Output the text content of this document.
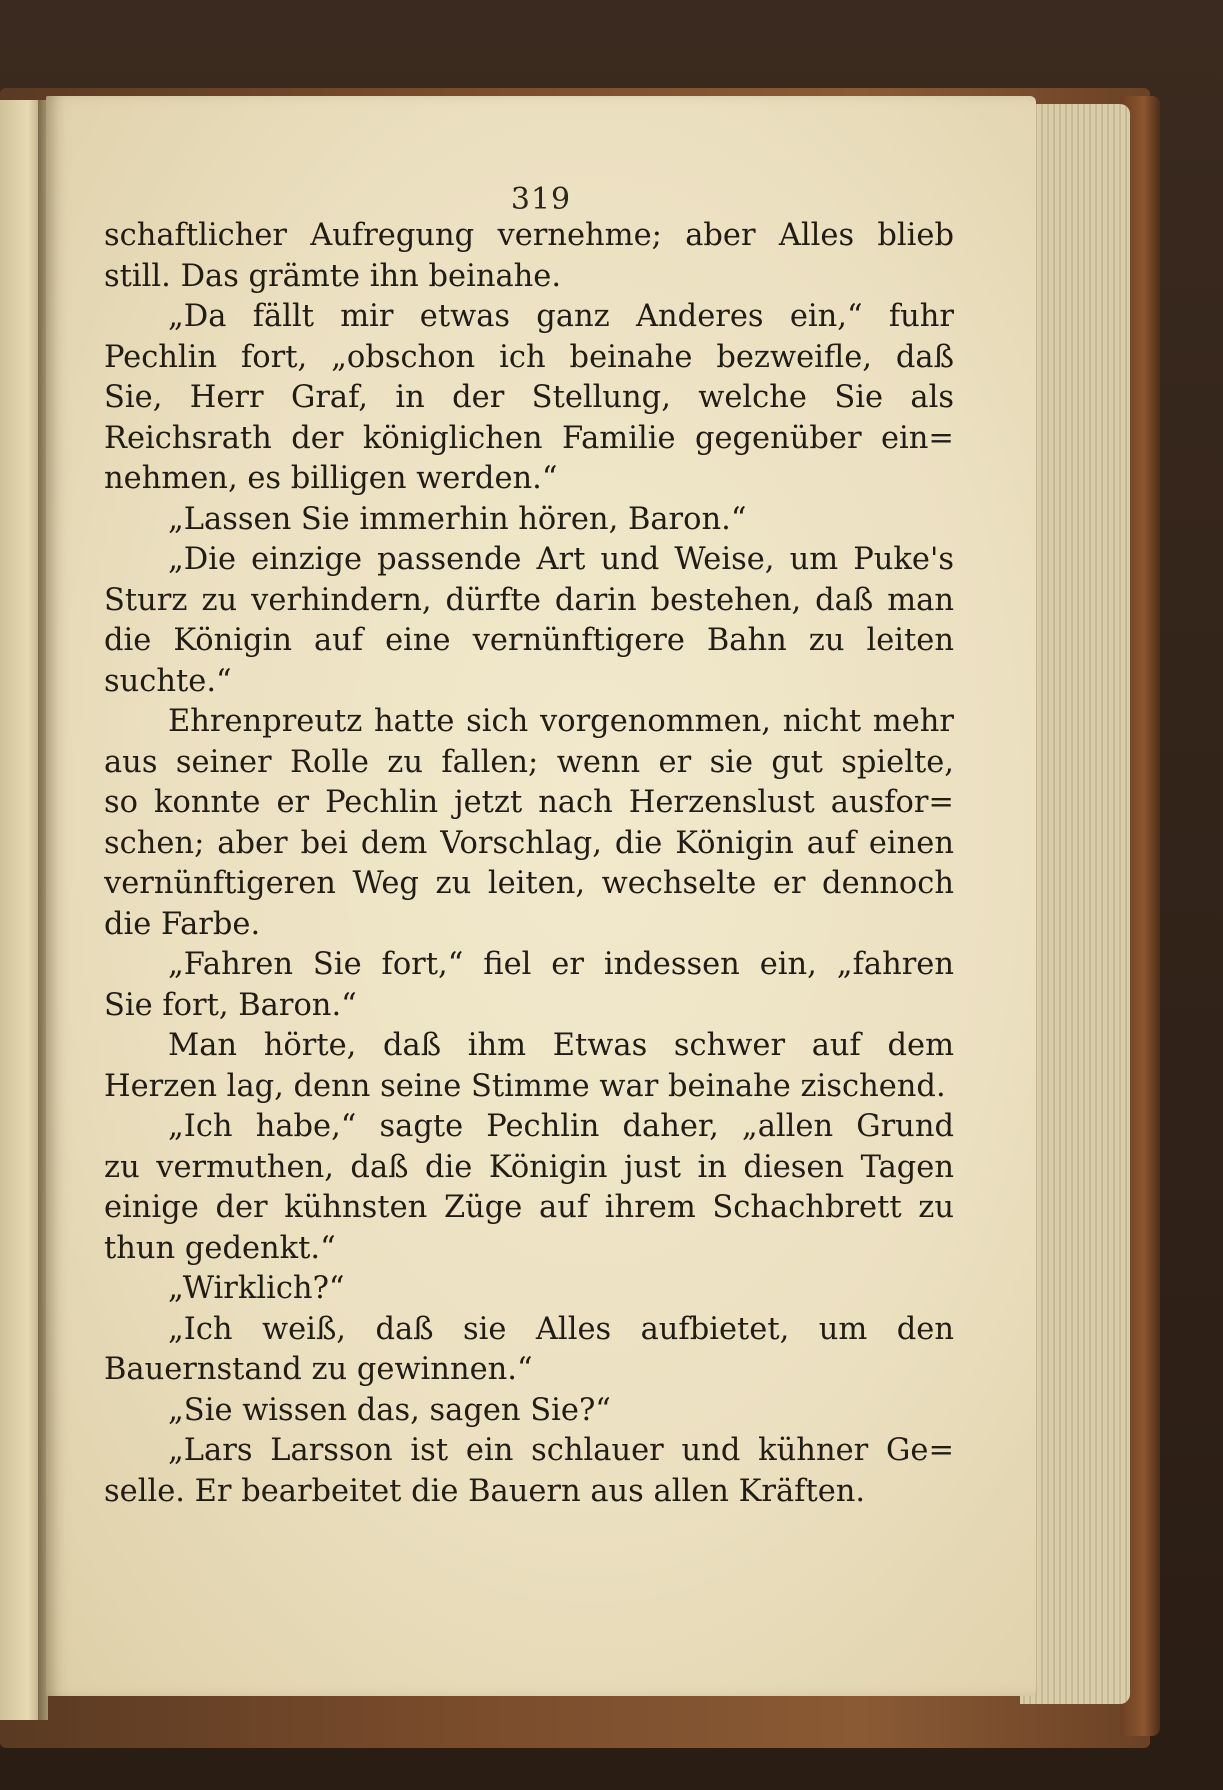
319
schaftlicher Aufregung vernehme; aber Alles blieb
still. Das grämte ihn beinahe.
„Da fällt mir etwas ganz Anderes ein,“ fuhr
Pechlin fort, „obschon ich beinahe bezweifle, daß
Sie, Herr Graf, in der Stellung, welche Sie als
Reichsrath der königlichen Familie gegenüber ein=
nehmen, es billigen werden.“
„Lassen Sie immerhin hören, Baron.“
„Die einzige passende Art und Weise, um Puke's
Sturz zu verhindern, dürfte darin bestehen, daß man
die Königin auf eine vernünftigere Bahn zu leiten
suchte.“
Ehrenpreutz hatte sich vorgenommen, nicht mehr
aus seiner Rolle zu fallen; wenn er sie gut spielte,
so konnte er Pechlin jetzt nach Herzenslust ausfor=
schen; aber bei dem Vorschlag, die Königin auf einen
vernünftigeren Weg zu leiten, wechselte er dennoch
die Farbe.
„Fahren Sie fort,“ fiel er indessen ein, „fahren
Sie fort, Baron.“
Man hörte, daß ihm Etwas schwer auf dem
Herzen lag, denn seine Stimme war beinahe zischend.
„Ich habe,“ sagte Pechlin daher, „allen Grund
zu vermuthen, daß die Königin just in diesen Tagen
einige der kühnsten Züge auf ihrem Schachbrett zu
thun gedenkt.“
„Wirklich?“
„Ich weiß, daß sie Alles aufbietet, um den
Bauernstand zu gewinnen.“
„Sie wissen das, sagen Sie?“
„Lars Larsson ist ein schlauer und kühner Ge=
selle. Er bearbeitet die Bauern aus allen Kräften.
